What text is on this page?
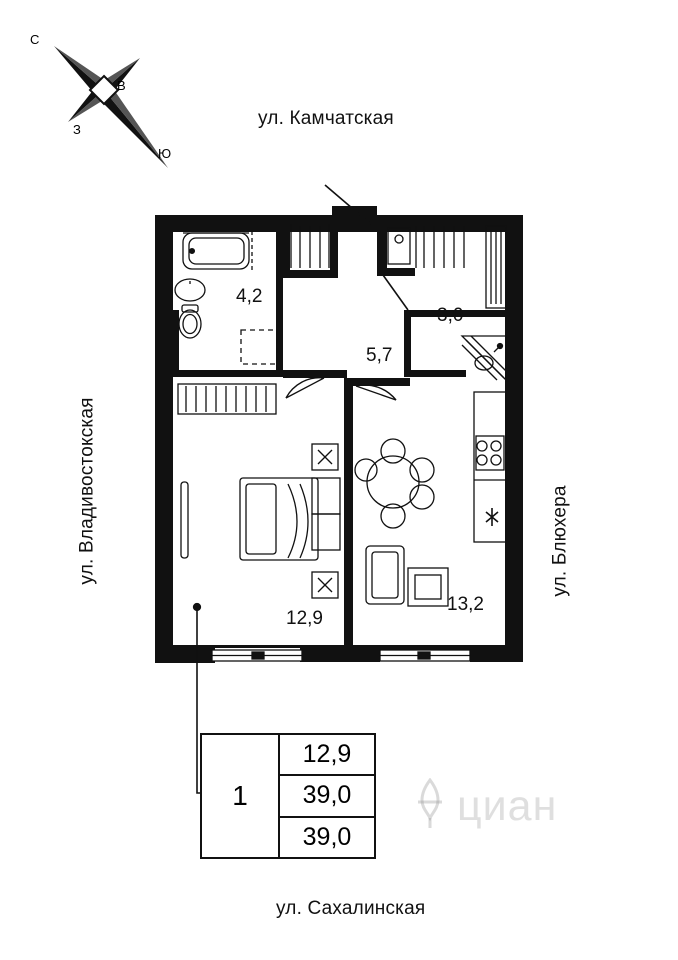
С
В
З
Ю
ул. Камчатская
ул. Сахалинская
ул. Владивостокская	ул. Блюхера
4,2
3,0
5,7
12,9
13,2
1
12,9
39,0
39,0
циан
